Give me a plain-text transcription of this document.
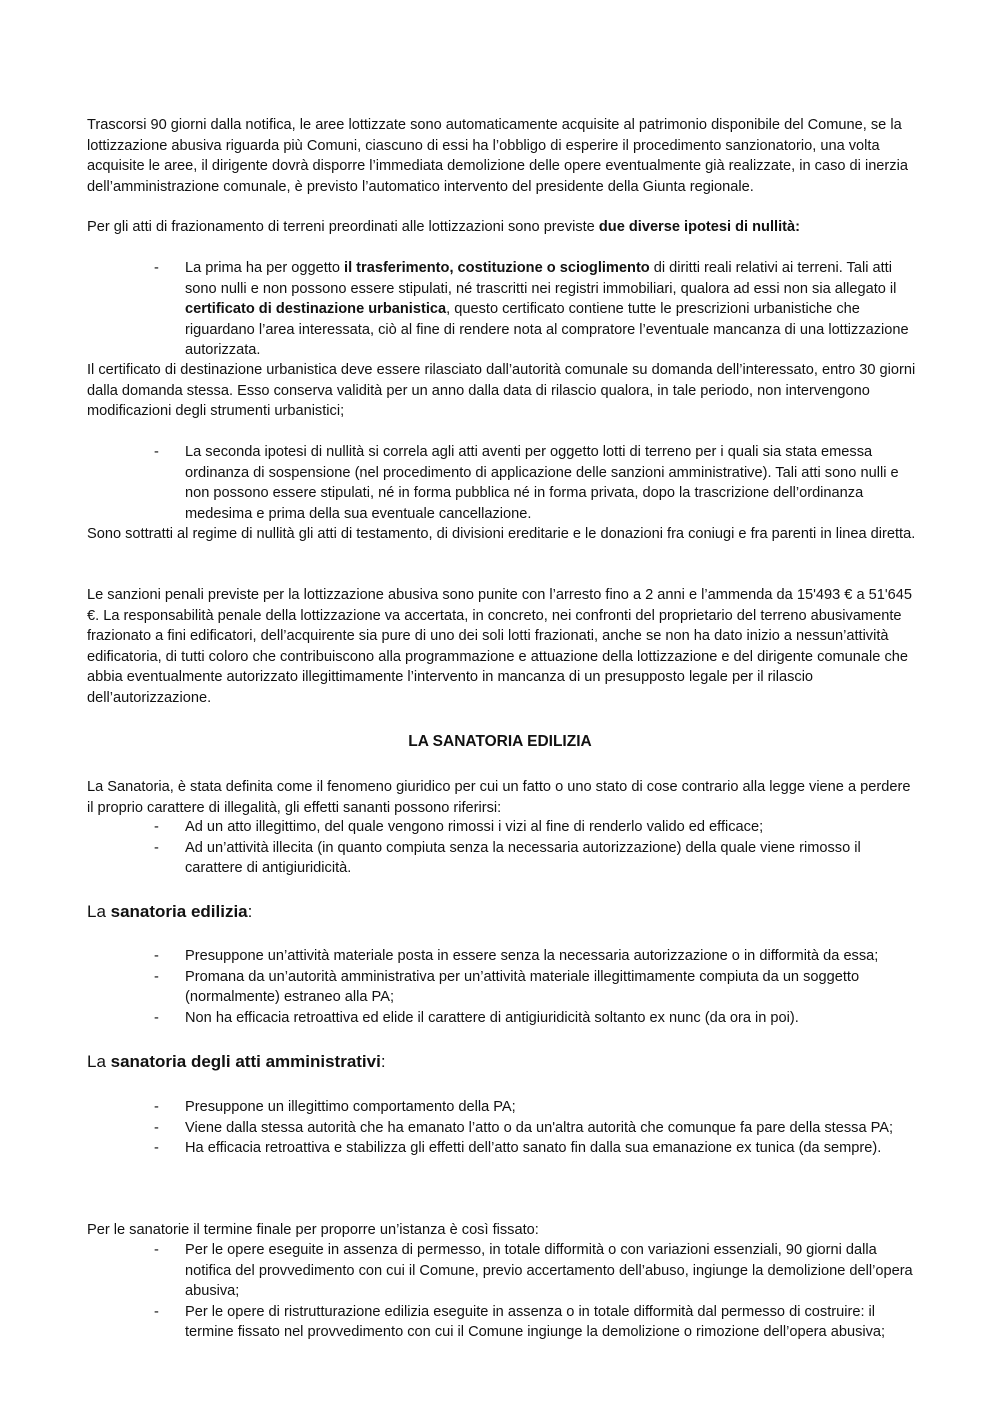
Trascorsi 90 giorni dalla notifica, le aree lottizzate sono automaticamente acquisite al patrimonio disponibile del Comune, se la lottizzazione abusiva riguarda più Comuni, ciascuno di essi ha l’obbligo di esperire il procedimento sanzionatorio, una volta acquisite le aree, il dirigente dovrà disporre l’immediata demolizione delle opere eventualmente già realizzate, in caso di inerzia dell’amministrazione comunale, è previsto l’automatico intervento del presidente della Giunta regionale.

Per gli atti di frazionamento di terreni preordinati alle lottizzazioni sono previste due diverse ipotesi di nullità:

- La prima ha per oggetto il trasferimento, costituzione o scioglimento di diritti reali relativi ai terreni. Tali atti sono nulli e non possono essere stipulati, né trascritti nei registri immobiliari, qualora ad essi non sia allegato il certificato di destinazione urbanistica, questo certificato contiene tutte le prescrizioni urbanistiche che riguardano l’area interessata, ciò al fine di rendere nota al compratore l’eventuale mancanza di una lottizzazione autorizzata.

Il certificato di destinazione urbanistica deve essere rilasciato dall’autorità comunale su domanda dell’interessato, entro 30 giorni dalla domanda stessa. Esso conserva validità per un anno dalla data di rilascio qualora, in tale periodo, non intervengono modificazioni degli strumenti urbanistici;

- La seconda ipotesi di nullità si correla agli atti aventi per oggetto lotti di terreno per i quali sia stata emessa ordinanza di sospensione (nel procedimento di applicazione delle sanzioni amministrative). Tali atti sono nulli e non possono essere stipulati, né in forma pubblica né in forma privata, dopo la trascrizione dell’ordinanza medesima e prima della sua eventuale cancellazione.

Sono sottratti al regime di nullità gli atti di testamento, di divisioni ereditarie e le donazioni fra coniugi e fra parenti in linea diretta.

Le sanzioni penali previste per la lottizzazione abusiva sono punite con l’arresto fino a 2 anni e l’ammenda da 15'493 € a 51'645 €. La responsabilità penale della lottizzazione va accertata, in concreto, nei confronti del proprietario del terreno abusivamente frazionato a fini edificatori, dell’acquirente sia pure di uno dei soli lotti frazionati, anche se non ha dato inizio a nessun’attività edificatoria, di tutti coloro che contribuiscono alla programmazione e attuazione della lottizzazione e del dirigente comunale che abbia eventualmente autorizzato illegittimamente l’intervento in mancanza di un presupposto legale per il rilascio dell’autorizzazione.

LA SANATORIA EDILIZIA

La Sanatoria, è stata definita come il fenomeno giuridico per cui un fatto o uno stato di cose contrario alla legge viene a perdere il proprio carattere di illegalità, gli effetti sananti possono riferirsi:

- Ad un atto illegittimo, del quale vengono rimossi i vizi al fine di renderlo valido ed efficace;
- Ad un’attività illecita (in quanto compiuta senza la necessaria autorizzazione) della quale viene rimosso il carattere di antigiuridicità.
La sanatoria edilizia:
- Presuppone un’attività materiale posta in essere senza la necessaria autorizzazione o in difformità da essa;
- Promana da un’autorità amministrativa per un’attività materiale illegittimamente compiuta da un soggetto (normalmente) estraneo alla PA;
- Non ha efficacia retroattiva ed elide il carattere di antigiuridicità soltanto ex nunc (da ora in poi).
La sanatoria degli atti amministrativi:
- Presuppone un illegittimo comportamento della PA;
- Viene dalla stessa autorità che ha emanato l’atto o da un'altra autorità che comunque fa pare della stessa PA;
- Ha efficacia retroattiva e stabilizza gli effetti dell’atto sanato fin dalla sua emanazione ex tunica (da sempre).

Per le sanatorie il termine finale per proporre un’istanza è così fissato:

- Per le opere eseguite in assenza di permesso, in totale difformità o con variazioni essenziali, 90 giorni dalla notifica del provvedimento con cui il Comune, previo accertamento dell’abuso, ingiunge la demolizione dell’opera abusiva;
- Per le opere di ristrutturazione edilizia eseguite in assenza o in totale difformità dal permesso di costruire: il termine fissato nel provvedimento con cui il Comune ingiunge la demolizione o rimozione dell’opera abusiva;
